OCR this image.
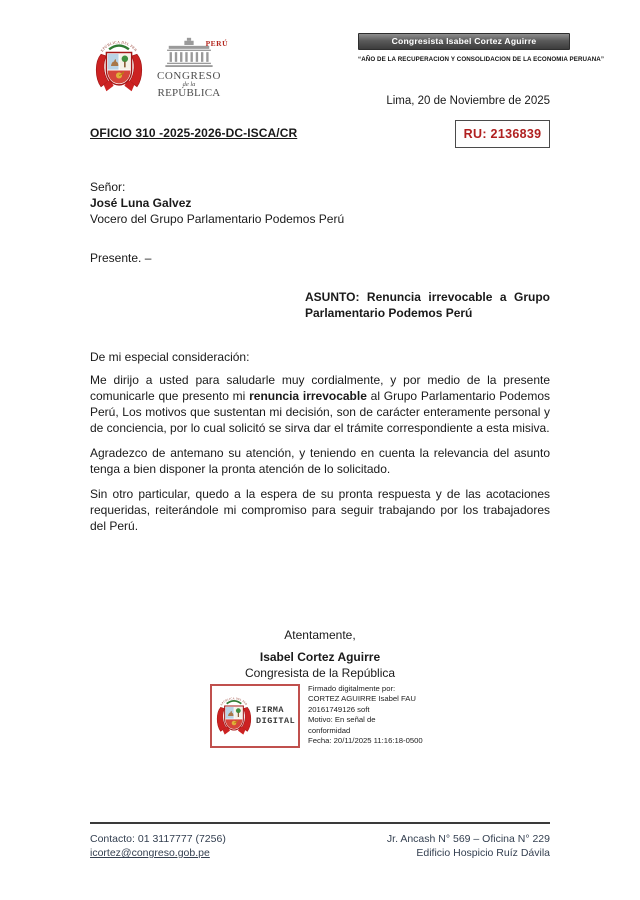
PERÚ
CONGRESO
de la
REPÚBLICA
Congresista Isabel Cortez Aguirre
“AÑO DE LA RECUPERACION Y CONSOLIDACION DE LA ECONOMIA PERUANA”
Lima, 20 de Noviembre de 2025
OFICIO 310 -2025-2026-DC-ISCA/CR	RU: 2136839
Señor:
José Luna Galvez
Vocero del Grupo Parlamentario Podemos Perú
Presente. –
ASUNTO: Renuncia irrevocable a Grupo Parlamentario Podemos Perú
De mi especial consideración:

Me dirijo a usted para saludarle muy cordialmente, y por medio de la presente comunicarle que presento mi renuncia irrevocable al Grupo Parlamentario Podemos Perú, Los motivos que sustentan mi decisión, son de carácter enteramente personal y de conciencia, por lo cual solicitó se sirva dar el trámite correspondiente a esta misiva.

Agradezco de antemano su atención, y teniendo en cuenta la relevancia del asunto tenga a bien disponer la pronta atención de lo solicitado.

Sin otro particular, quedo a la espera de su pronta respuesta y de las acotaciones requeridas, reiterándole mi compromiso para seguir trabajando por los trabajadores del Perú.

Atentamente,
Isabel Cortez Aguirre
Congresista de la República
FIRMA
DIGITAL
Firmado digitalmente por:
CORTEZ AGUIRRE Isabel FAU
20161749126 soft
Motivo: En señal de
conformidad
Fecha: 20/11/2025 11:16:18-0500
Contacto: 01 3117777 (7256)
icortez@congreso.gob.pe
Jr. Ancash N° 569 – Oficina N° 229
Edificio Hospicio Ruíz Dávila
